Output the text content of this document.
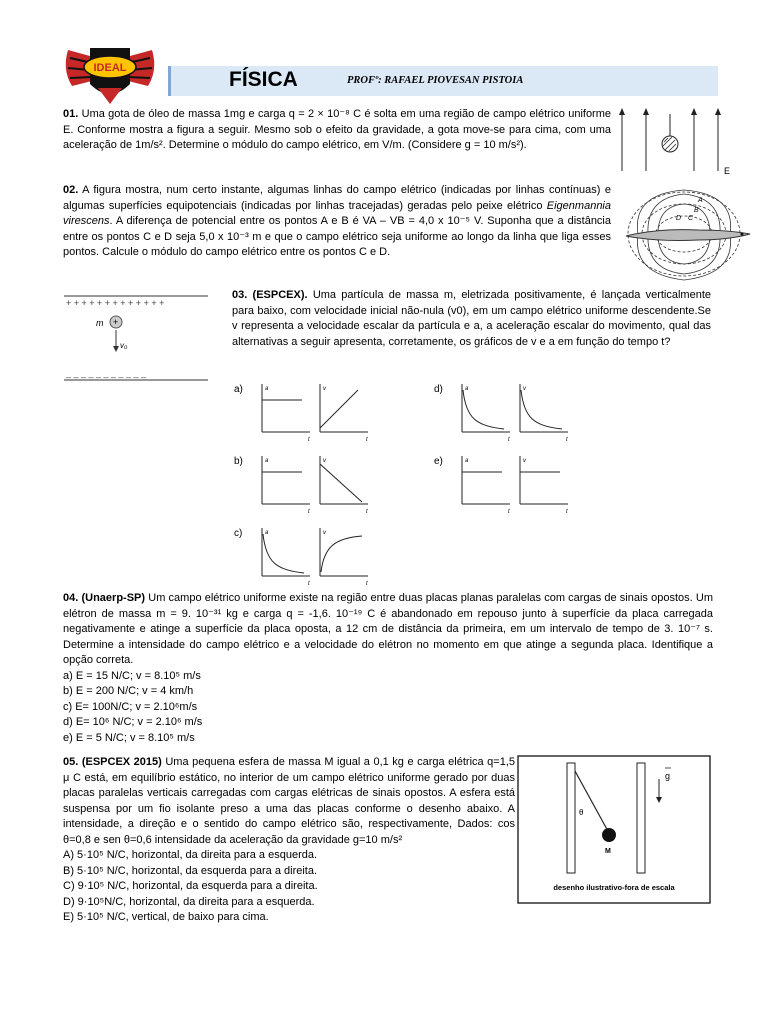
IDEAL	FÍSICA	PROFº: RAFAEL PIOVESAN PISTOIA

01. Uma gota de óleo de massa 1mg e carga q = 2 × 10⁻⁸ C é solta em uma região de campo elétrico uniforme E. Conforme mostra a figura a seguir. Mesmo sob o efeito da gravidade, a gota move-se para cima, com uma aceleração de 1m/s². Determine o módulo do campo elétrico, em V/m. (Considere g = 10 m/s²).

E

02. A figura mostra, num certo instante, algumas linhas do campo elétrico (indicadas por linhas contínuas) e algumas superfícies equipotenciais (indicadas por linhas tracejadas) geradas pelo peixe elétrico Eigenmannia virescens. A diferença de potencial entre os pontos A e B é VA – VB = 4,0 x 10⁻⁵ V. Suponha que a distância entre os pontos C e D seja 5,0 x 10⁻³ m e que o campo elétrico seja uniforme ao longo da linha que liga esses pontos. Calcule o módulo do campo elétrico entre os pontos C e D.

A
B
C
D
+ + + + + + + + + + + + +
m +
v₀
_ _ _ _ _ _ _ _ _ _ _

03. (ESPCEX). Uma partícula de massa m, eletrizada positivamente, é lançada verticalmente para baixo, com velocidade inicial não-nula (v0), em um campo elétrico uniforme descendente.Se v representa a velocidade escalar da partícula e a, a aceleração escalar do movimento, qual das alternativas a seguir apresenta, corretamente, os gráficos de v e a em função do tempo t?

a)	a
t
v
t
b)	a
t
v
t
c)	a
t
v
t
d)	a
t
v
t
e)	a
t
v
t

04. (Unaerp-SP) Um campo elétrico uniforme existe na região entre duas placas planas paralelas com cargas de sinais opostos. Um elétron de massa m = 9. 10⁻³¹ kg e carga q = -1,6. 10⁻¹⁹ C é abandonado em repouso junto à superfície da placa carregada negativamente e atinge a superfície da placa oposta, a 12 cm de distância da primeira, em um intervalo de tempo de 3. 10⁻⁷ s. Determine a intensidade do campo elétrico e a velocidade do elétron no momento em que atinge a segunda placa. Identifique a opção correta.

a) E = 15 N/C; v = 8.10⁵ m/s

b) E = 200 N/C; v = 4 km/h

c) E= 100N/C; v = 2.10⁶m/s

d) E= 10⁶ N/C; v = 2.10⁶ m/s

e) E = 5 N/C; v = 8.10⁵ m/s

05. (ESPCEX 2015) Uma pequena esfera de massa M igual a 0,1 kg e carga elétrica q=1,5 μ C está, em equilíbrio estático, no interior de um campo elétrico uniforme gerado por duas placas paralelas verticais carregadas com cargas elétricas de sinais opostos. A esfera está suspensa por um fio isolante preso a uma das placas conforme o desenho abaixo. A intensidade, a direção e o sentido do campo elétrico são, respectivamente, Dados: cos θ=0,8 e sen θ=0,6 intensidade da aceleração da gravidade g=10 m/s²

A) 5·10⁵ N/C, horizontal, da direita para a esquerda.

B) 5·10⁵ N/C, horizontal, da esquerda para a direita.

C) 9·10⁵ N/C, horizontal, da esquerda para a direita.

D) 9·10⁵N/C, horizontal, da direita para a esquerda.

E) 5·10⁵ N/C, vertical, de baixo para cima.

θ
M
g
desenho ilustrativo-fora de escala
